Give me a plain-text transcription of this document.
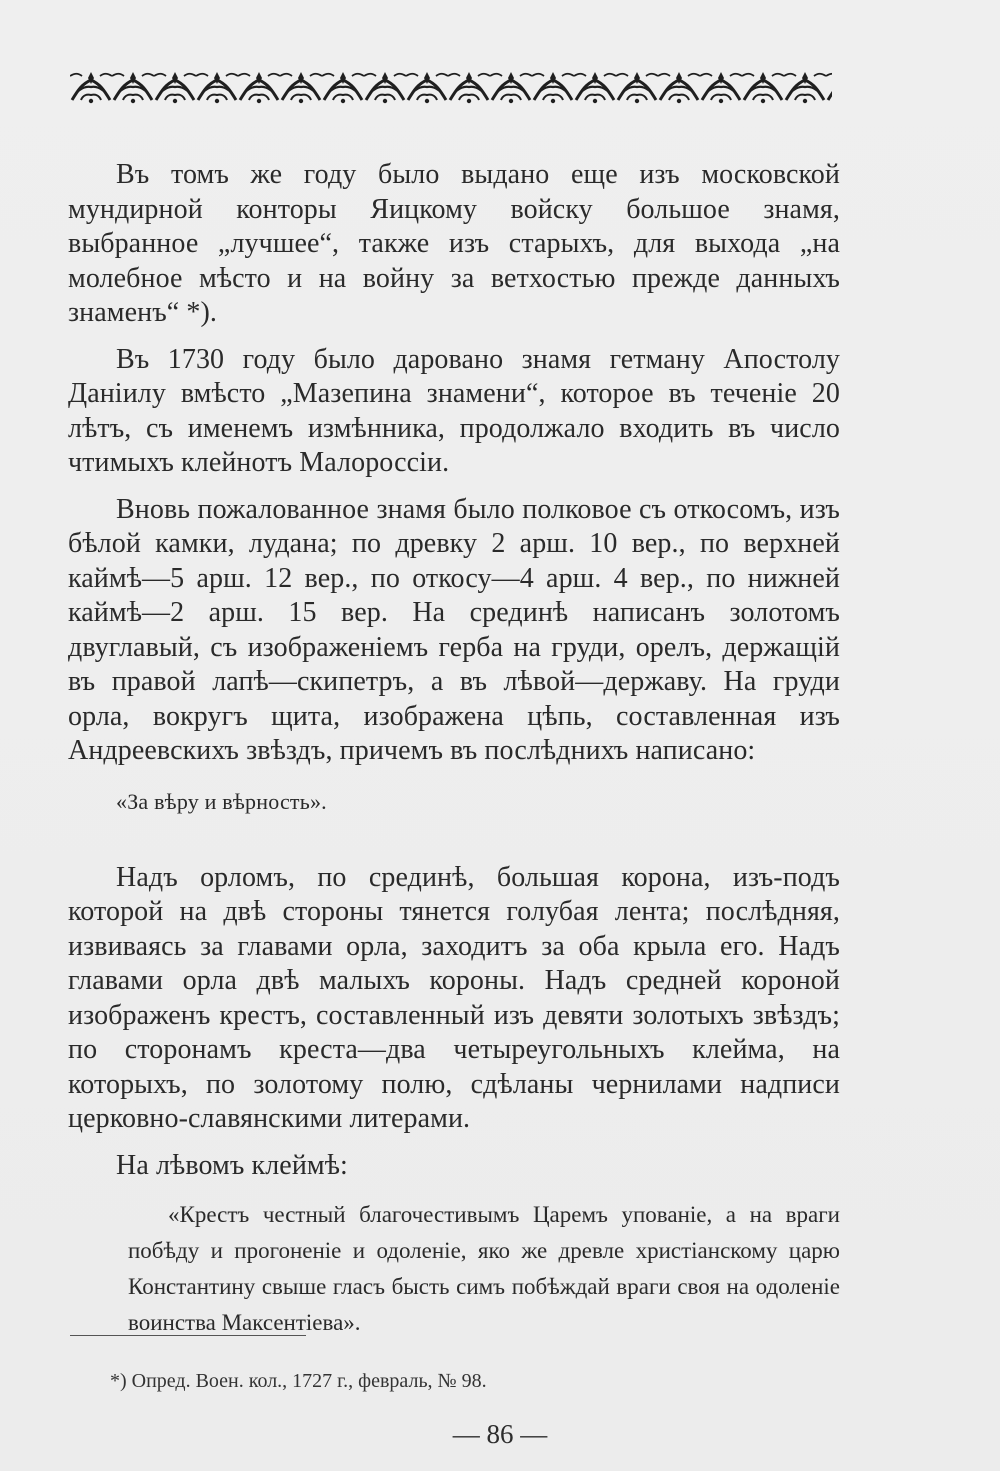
Въ томъ же году было выдано еще изъ московской мундирной конторы Яицкому войску большое знамя, выбранное „лучшее“, также изъ старыхъ, для выхода „на молебное мѣсто и на войну за ветхостью прежде данныхъ знаменъ“ *).

Въ 1730 году было даровано знамя гетману Апостолу Даніилу вмѣсто „Мазепина знамени“, которое въ теченіе 20 лѣтъ, съ именемъ измѣнника, продолжало входить въ число чтимыхъ клейнотъ Малороссіи.

Вновь пожалованное знамя было полковое съ откосомъ, изъ бѣлой камки, лудана; по древку 2 арш. 10 вер., по верхней каймѣ—5 арш. 12 вер., по откосу—4 арш. 4 вер., по нижней каймѣ—2 арш. 15 вер. На срединѣ написанъ золотомъ двуглавый, съ изображеніемъ герба на груди, орелъ, держащій въ правой лапѣ—скипетръ, а въ лѣвой—державу. На груди орла, вокругъ щита, изображена цѣпь, составленная изъ Андреевскихъ звѣздъ, причемъ въ послѣднихъ написано:

«За вѣру и вѣрность».

Надъ орломъ, по срединѣ, большая корона, изъ-подъ которой на двѣ стороны тянется голубая лента; послѣдняя, извиваясь за главами орла, заходитъ за оба крыла его. Надъ главами орла двѣ малыхъ короны. Надъ средней короной изображенъ крестъ, составленный изъ девяти золотыхъ звѣздъ; по сторонамъ креста—два четыреугольныхъ клейма, на которыхъ, по золотому полю, сдѣланы чернилами надписи церковно-славянскими литерами.

На лѣвомъ клеймѣ:

«Крестъ честный благочестивымъ Царемъ упованіе, а на враги побѣду и прогоненіе и одоленіе, яко же древле христіанскому царю Константину свыше гласъ бысть симъ побѣждай враги своя на одоленіе воинства Максентіева».

*) Опред. Воен. кол., 1727 г., февраль, № 98.

— 86 —
